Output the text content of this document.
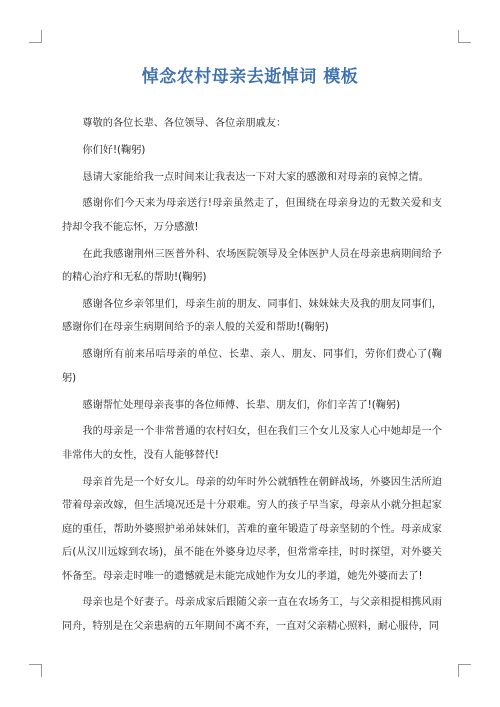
悼念农村母亲去逝悼词 模板

尊敬的各位长辈、各位领导、各位亲朋戚友：

你们好!(鞠躬)

恳请大家能给我一点时间来让我表达一下对大家的感激和对母亲的哀悼之情。

感谢你们今天来为母亲送行!母亲虽然走了，但围绕在母亲身边的无数关爱和支持却令我不能忘怀，万分感激!

在此我感谢荆州三医普外科、农场医院领导及全体医护人员在母亲患病期间给予的精心治疗和无私的帮助!(鞠躬)

感谢各位乡亲邻里们，母亲生前的朋友、同事们、妹妹妹夫及我的朋友同事们，感谢你们在母亲生病期间给予的亲人般的关爱和帮助!(鞠躬)

感谢所有前来吊唁母亲的单位、长辈、亲人、朋友、同事们，劳你们费心了(鞠躬)

感谢帮忙处理母亲丧事的各位师傅、长辈、朋友们，你们辛苦了!(鞠躬)

我的母亲是一个非常普通的农村妇女，但在我们三个女儿及家人心中她却是一个非常伟大的女性，没有人能够替代!

母亲首先是一个好女儿。母亲的幼年时外公就牺牲在朝鲜战场，外婆因生活所迫带着母亲改嫁，但生活境况还是十分艰难。穷人的孩子早当家，母亲从小就分担起家庭的重任，帮助外婆照护弟弟妹妹们，苦难的童年锻造了母亲坚韧的个性。母亲成家后(从汉川远嫁到农场)，虽不能在外婆身边尽孝，但常常牵挂，时时探望，对外婆关怀备至。母亲走时唯一的遗憾就是未能完成她作为女儿的孝道，她先外婆而去了!

母亲也是个好妻子。母亲成家后跟随父亲一直在农场务工，与父亲相提相携风雨同舟，特别是在父亲患病的五年期间不离不弃，一直对父亲精心照料，耐心服侍，同
